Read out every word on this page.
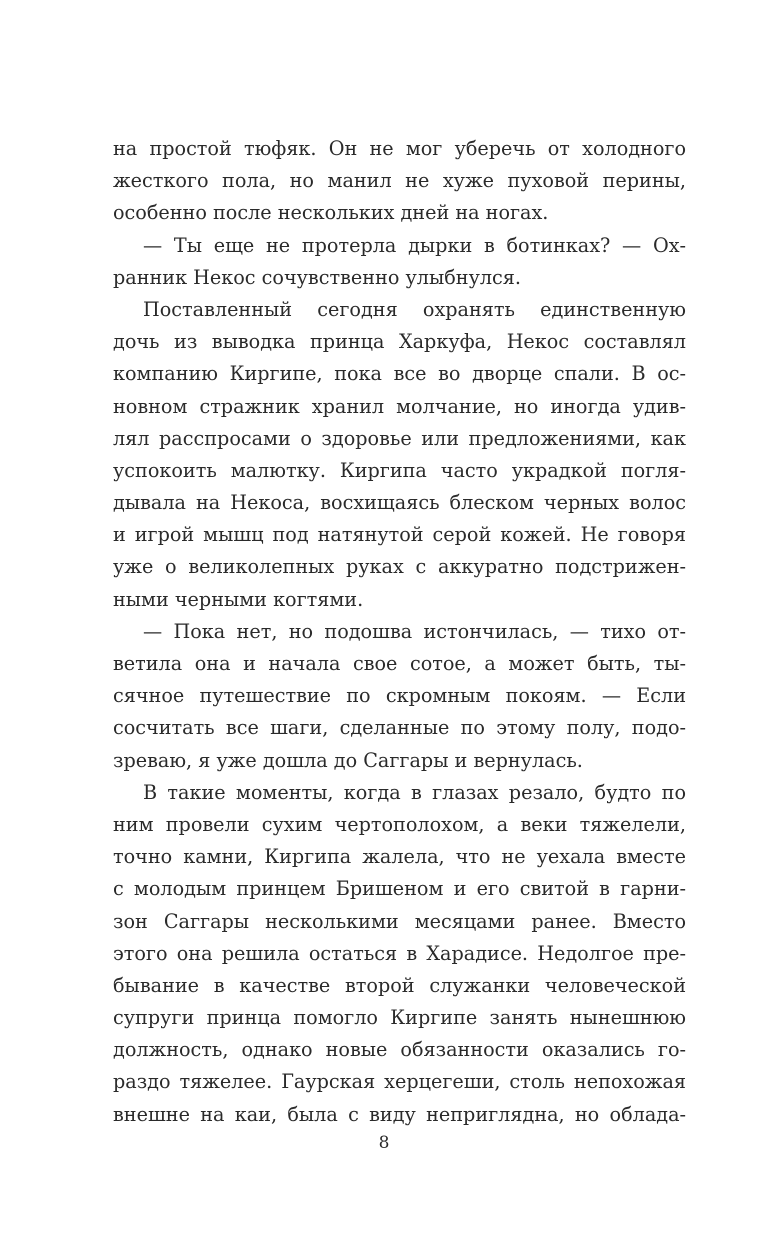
на простой тюфяк. Он не мог уберечь от холодного
жесткого пола, но манил не хуже пуховой перины,
особенно после нескольких дней на ногах.
— Ты еще не протерла дырки в ботинках? — Ох-
ранник Некос сочувственно улыбнулся.
Поставленный сегодня охранять единственную
дочь из выводка принца Харкуфа, Некос составлял
компанию Киргипе, пока все во дворце спали. В ос-
новном стражник хранил молчание, но иногда удив-
лял расспросами о здоровье или предложениями, как
успокоить малютку. Киргипа часто украдкой погля-
дывала на Некоса, восхищаясь блеском черных волос
и игрой мышц под натянутой серой кожей. Не говоря
уже о великолепных руках с аккуратно подстрижен-
ными черными когтями.
— Пока нет, но подошва истончилась, — тихо от-
ветила она и начала свое сотое, а может быть, ты-
сячное путешествие по скромным покоям. — Если
сосчитать все шаги, сделанные по этому полу, подо-
зреваю, я уже дошла до Саггары и вернулась.
В такие моменты, когда в глазах резало, будто по
ним провели сухим чертополохом, а веки тяжелели,
точно камни, Киргипа жалела, что не уехала вместе
с молодым принцем Бришеном и его свитой в гарни-
зон Саггары несколькими месяцами ранее. Вместо
этого она решила остаться в Харадисе. Недолгое пре-
бывание в качестве второй служанки человеческой
супруги принца помогло Киргипе занять нынешнюю
должность, однако новые обязанности оказались го-
раздо тяжелее. Гаурская херцегеши, столь непохожая
внешне на каи, была с виду неприглядна, но облада-
8
